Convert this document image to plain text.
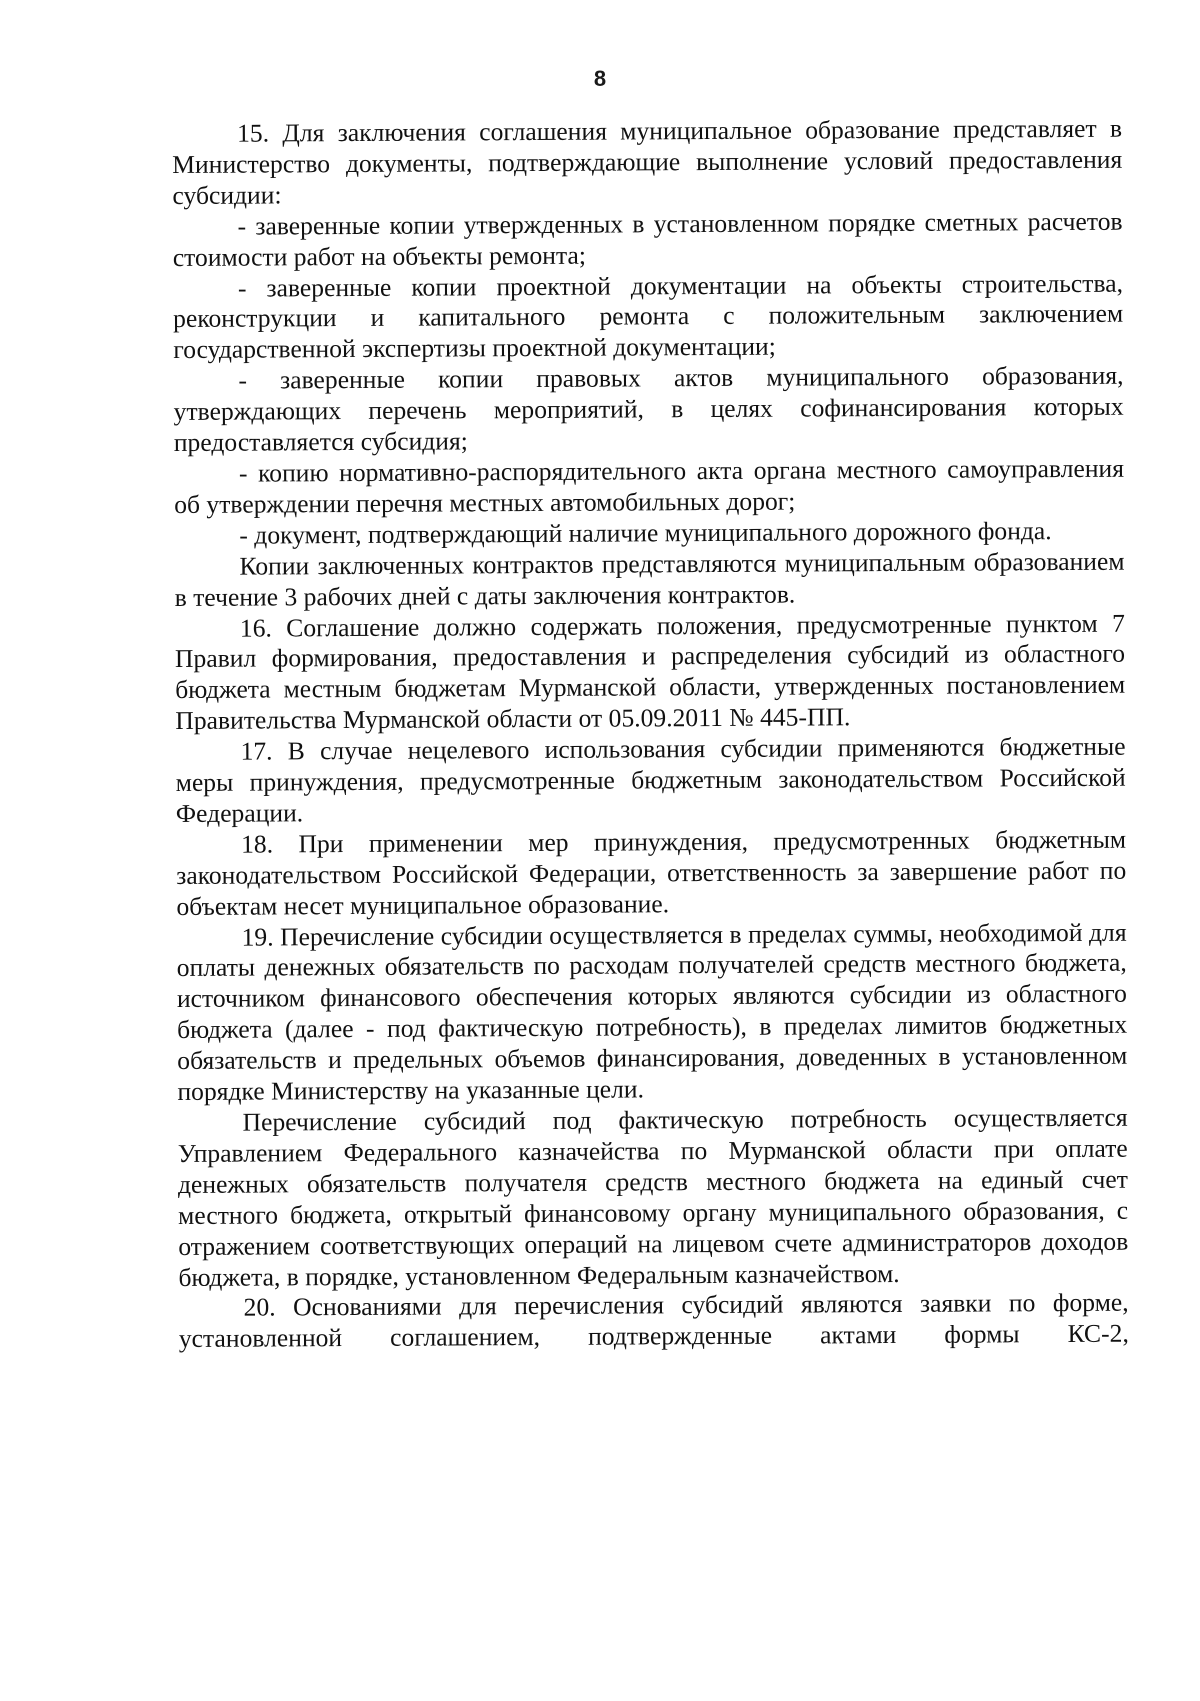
8

15. Для заключения соглашения муниципальное образование представляет в Министерство документы, подтверждающие выполнение условий предоставления субсидии:

- заверенные копии утвержденных в установленном порядке сметных расчетов стоимости работ на объекты ремонта;

- заверенные копии проектной документации на объекты строительства, реконструкции и капитального ремонта с положительным заключением государственной экспертизы проектной документации;

- заверенные копии правовых актов муниципального образования, утверждающих перечень мероприятий, в целях софинансирования которых предоставляется субсидия;

- копию нормативно-распорядительного акта органа местного самоуправления об утверждении перечня местных автомобильных дорог;

- документ, подтверждающий наличие муниципального дорожного фонда.

Копии заключенных контрактов представляются муниципальным образованием в течение 3 рабочих дней с даты заключения контрактов.

16. Соглашение должно содержать положения, предусмотренные пунктом 7 Правил формирования, предоставления и распределения субсидий из областного бюджета местным бюджетам Мурманской области, утвержденных постановлением Правительства Мурманской области от 05.09.2011 № 445-ПП.

17. В случае нецелевого использования субсидии применяются бюджетные меры принуждения, предусмотренные бюджетным законодательством Российской Федерации.

18. При применении мер принуждения, предусмотренных бюджетным законодательством Российской Федерации, ответственность за завершение работ по объектам несет муниципальное образование.

19. Перечисление субсидии осуществляется в пределах суммы, необходимой для оплаты денежных обязательств по расходам получателей средств местного бюджета, источником финансового обеспечения которых являются субсидии из областного бюджета (далее - под фактическую потребность), в пределах лимитов бюджетных обязательств и предельных объемов финансирования, доведенных в установленном порядке Министерству на указанные цели.

Перечисление субсидий под фактическую потребность осуществляется Управлением Федерального казначейства по Мурманской области при оплате денежных обязательств получателя средств местного бюджета на единый счет местного бюджета, открытый финансовому органу муниципального образования, с отражением соответствующих операций на лицевом счете администраторов доходов бюджета, в порядке, установленном Федеральным казначейством.

20. Основаниями для перечисления субсидий являются заявки по форме, установленной соглашением, подтвержденные актами формы КС-2,
